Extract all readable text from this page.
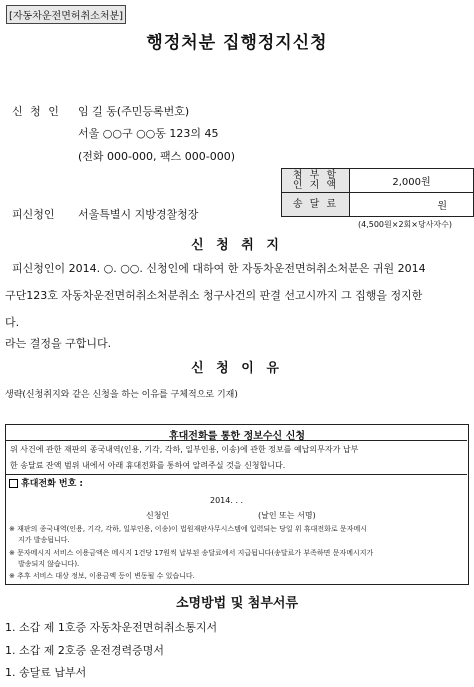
[자동차운전면허취소처분]
행정처분 집행정지신청
신 청 인 임 길 동(주민등록번호)
서울 ○○구 ○○동 123의 45
(전화 000-000, 팩스 000-000)
첨 부 할
인 지 액	2,000원
송 달 료	원
피신청인 서울특별시 지방경찰청장
(4,500원×2회×당사자수)
신 청 취 지
피신청인이 2014. ○. ○○. 신청인에 대하여 한 자동차운전면허취소처분은 귀원 2014
구단123호 자동차운전면허취소처분취소 청구사건의 판결 선고시까지 그 집행을 정지한
다.
라는 결정을 구합니다.
신 청 이 유
생략(신청취지와 같은 신청을 하는 이유를 구체적으로 기재)
휴대전화를 통한 정보수신 신청
위 사건에 관한 재판의 종국내역(인용, 기각, 각하, 일부인용, 이송)에 관한 정보를 예납의무자가 납부
한 송달료 잔액 범위 내에서 아래 휴대전화를 통하여 알려주실 것을 신청합니다.
휴대전화 번호 :
2014. . .
신청인	(날인 또는 서명)
※ 재판의 종국내역(인용, 기각, 각하, 일부인용, 이송)이 법원재판사무시스템에 입력되는 당일 위 휴대전화로 문자메시
지가 발송됩니다.
※ 문자메시지 서비스 이용금액은 메시지 1건당 17원씩 납부된 송달료에서 지급됩니다(송달료가 부족하면 문자메시지가
발송되지 않습니다).
※ 추후 서비스 대상 정보, 이용금액 등이 변동될 수 있습니다.
소명방법 및 첨부서류
1. 소갑 제 1호증 자동차운전면허취소통지서
1. 소갑 제 2호증 운전경력증명서
1. 송달료 납부서
